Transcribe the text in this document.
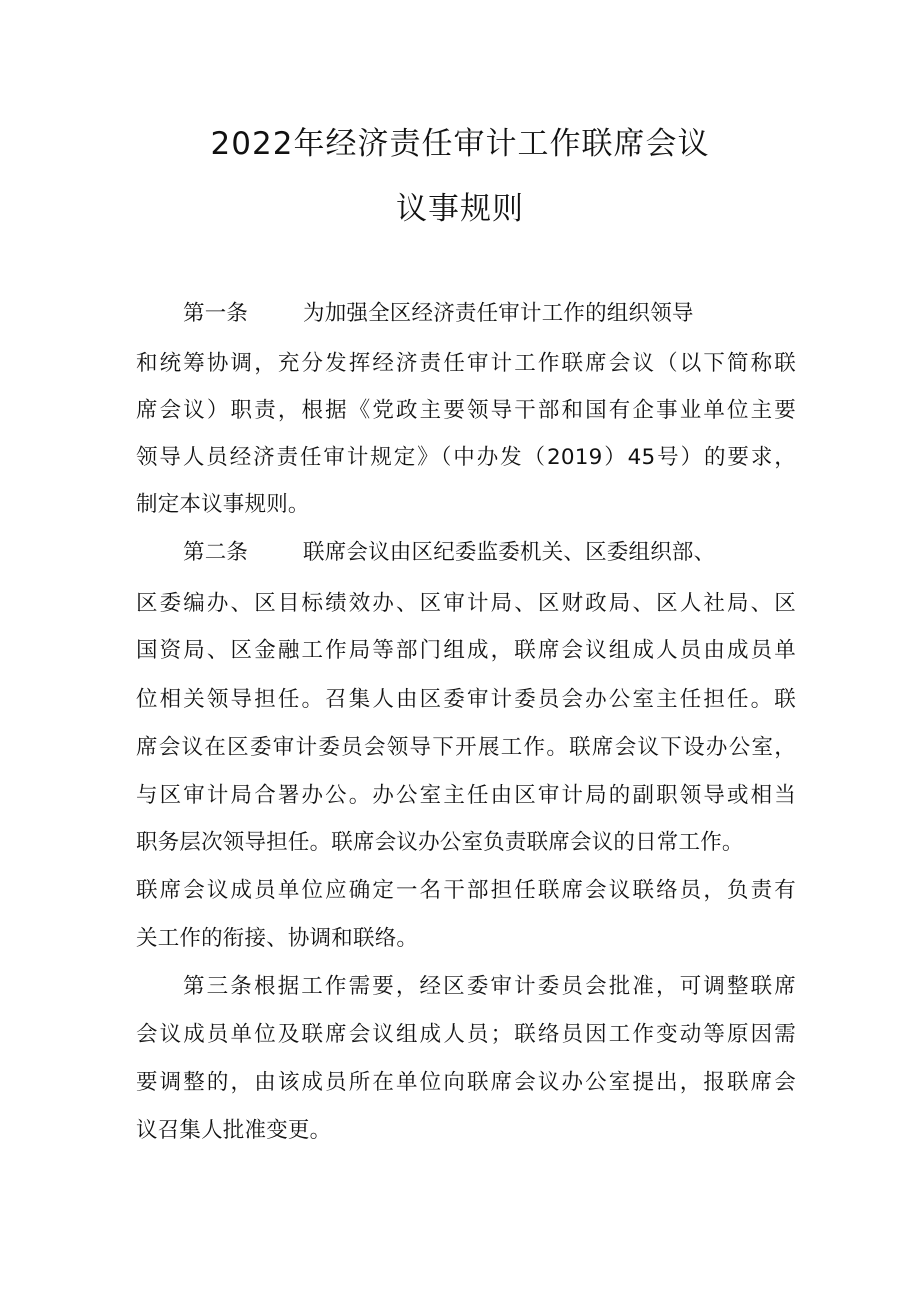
2022年经济责任审计工作联席会议
议事规则
第一条	为加强全区经济责任审计工作的组织领导
和统筹协调，充分发挥经济责任审计工作联席会议（以下简称联
席会议）职责，根据《党政主要领导干部和国有企事业单位主要
领导人员经济责任审计规定》（中办发（2019）45号）的要求，
制定本议事规则。
第二条	联席会议由区纪委监委机关、区委组织部、
区委编办、区目标绩效办、区审计局、区财政局、区人社局、区
国资局、区金融工作局等部门组成，联席会议组成人员由成员单
位相关领导担任。召集人由区委审计委员会办公室主任担任。联
席会议在区委审计委员会领导下开展工作。联席会议下设办公室，
与区审计局合署办公。办公室主任由区审计局的副职领导或相当
职务层次领导担任。联席会议办公室负责联席会议的日常工作。
联席会议成员单位应确定一名干部担任联席会议联络员，负责有
关工作的衔接、协调和联络。
第三条根据工作需要，经区委审计委员会批准，可调整联席
会议成员单位及联席会议组成人员；联络员因工作变动等原因需
要调整的，由该成员所在单位向联席会议办公室提出，报联席会
议召集人批准变更。
